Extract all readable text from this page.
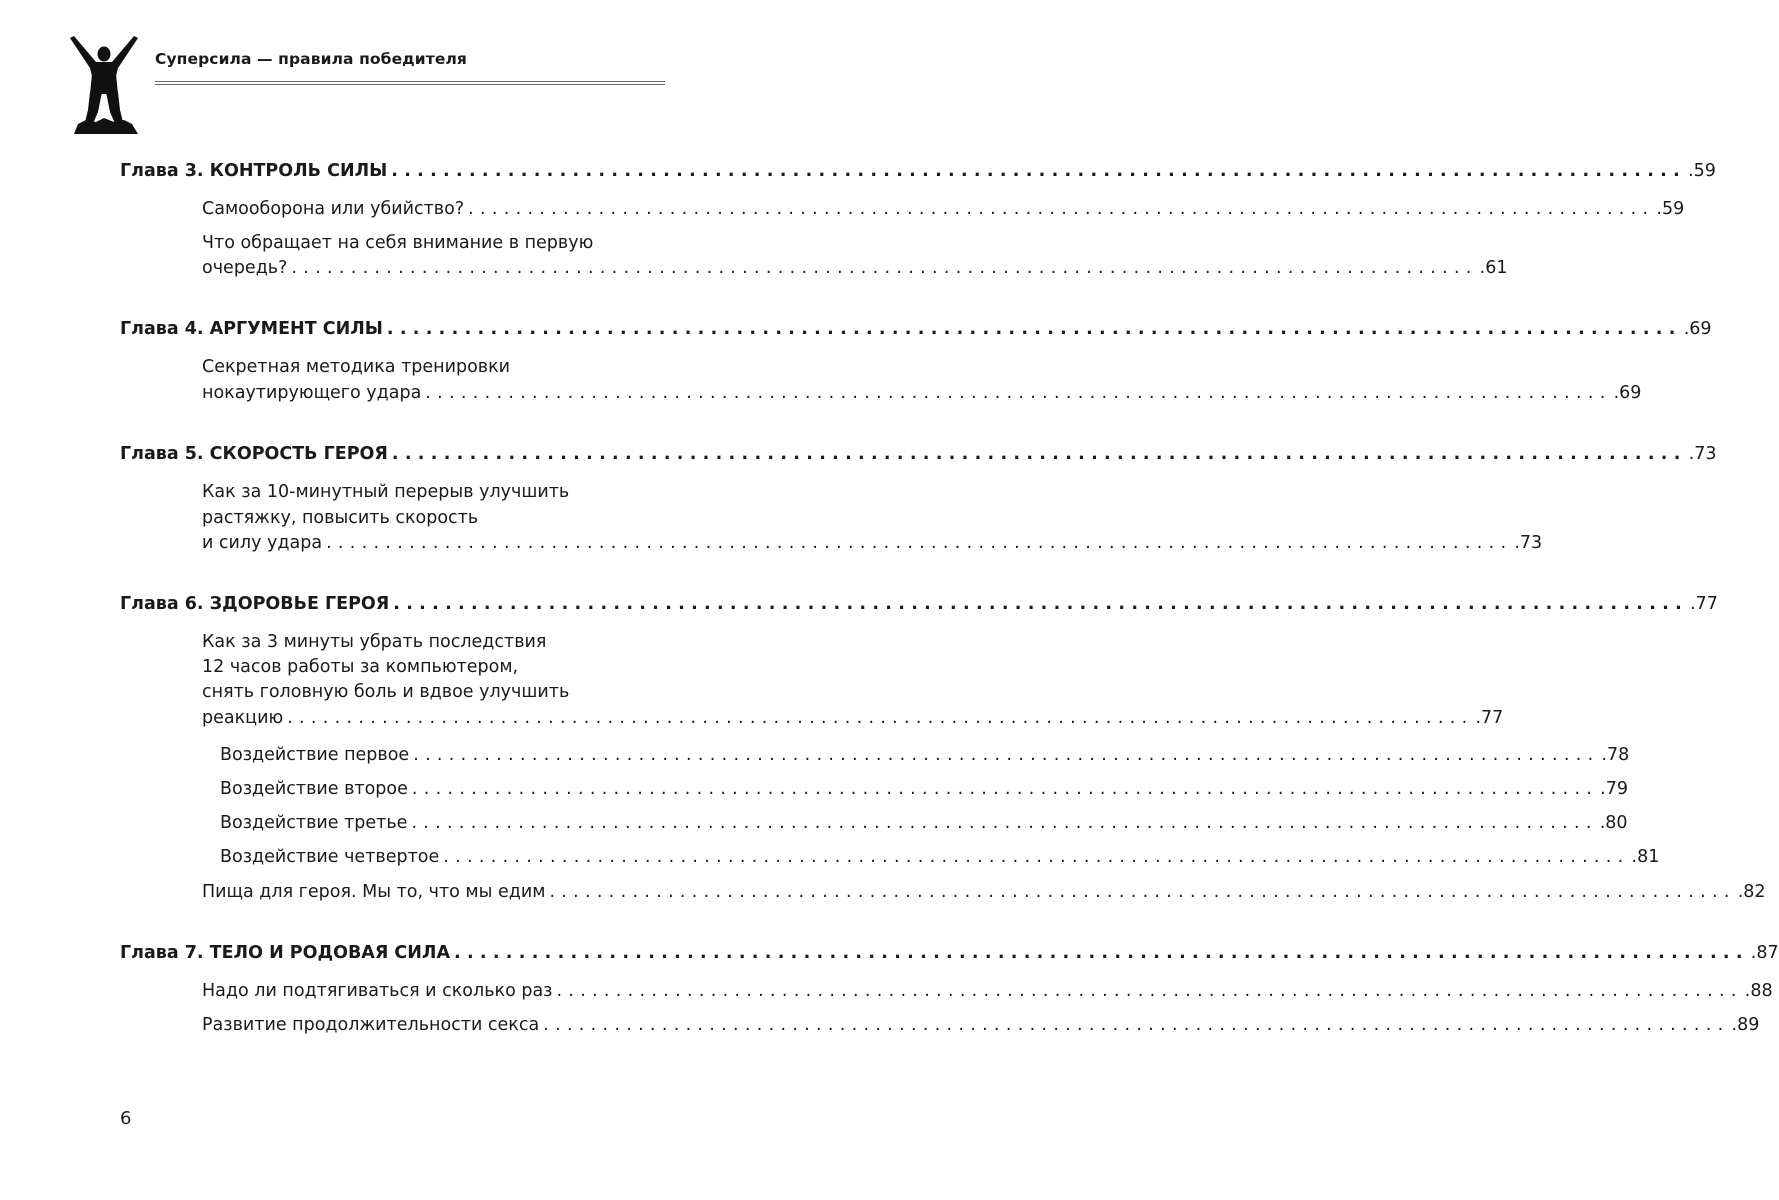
Суперсила — правила победителя
Глава 3. КОНТРОЛЬ СИЛЫ .................................................................................................... .59
Самооборона или убийство? .................................................................................................... .59
Что обращает на себя внимание в первую
очередь? .................................................................................................... .61
Глава 4. АРГУМЕНТ СИЛЫ .................................................................................................... .69
Секретная методика тренировки
нокаутирующего удара .................................................................................................... .69
Глава 5. СКОРОСТЬ ГЕРОЯ .................................................................................................... .73
Как за 10-минутный перерыв улучшить
растяжку, повысить скорость
и силу удара .................................................................................................... .73
Глава 6. ЗДОРОВЬЕ ГЕРОЯ .................................................................................................... .77
Как за 3 минуты убрать последствия
12 часов работы за компьютером,
снять головную боль и вдвое улучшить
реакцию .................................................................................................... .77
Воздействие первое .................................................................................................... .78
Воздействие второе .................................................................................................... .79
Воздействие третье .................................................................................................... .80
Воздействие четвертое .................................................................................................... .81
Пища для героя. Мы то, что мы едим .................................................................................................... .82
Глава 7. ТЕЛО И РОДОВАЯ СИЛА .................................................................................................... .87
Надо ли подтягиваться и сколько раз .................................................................................................... .88
Развитие продолжительности секса .................................................................................................... .89
6
